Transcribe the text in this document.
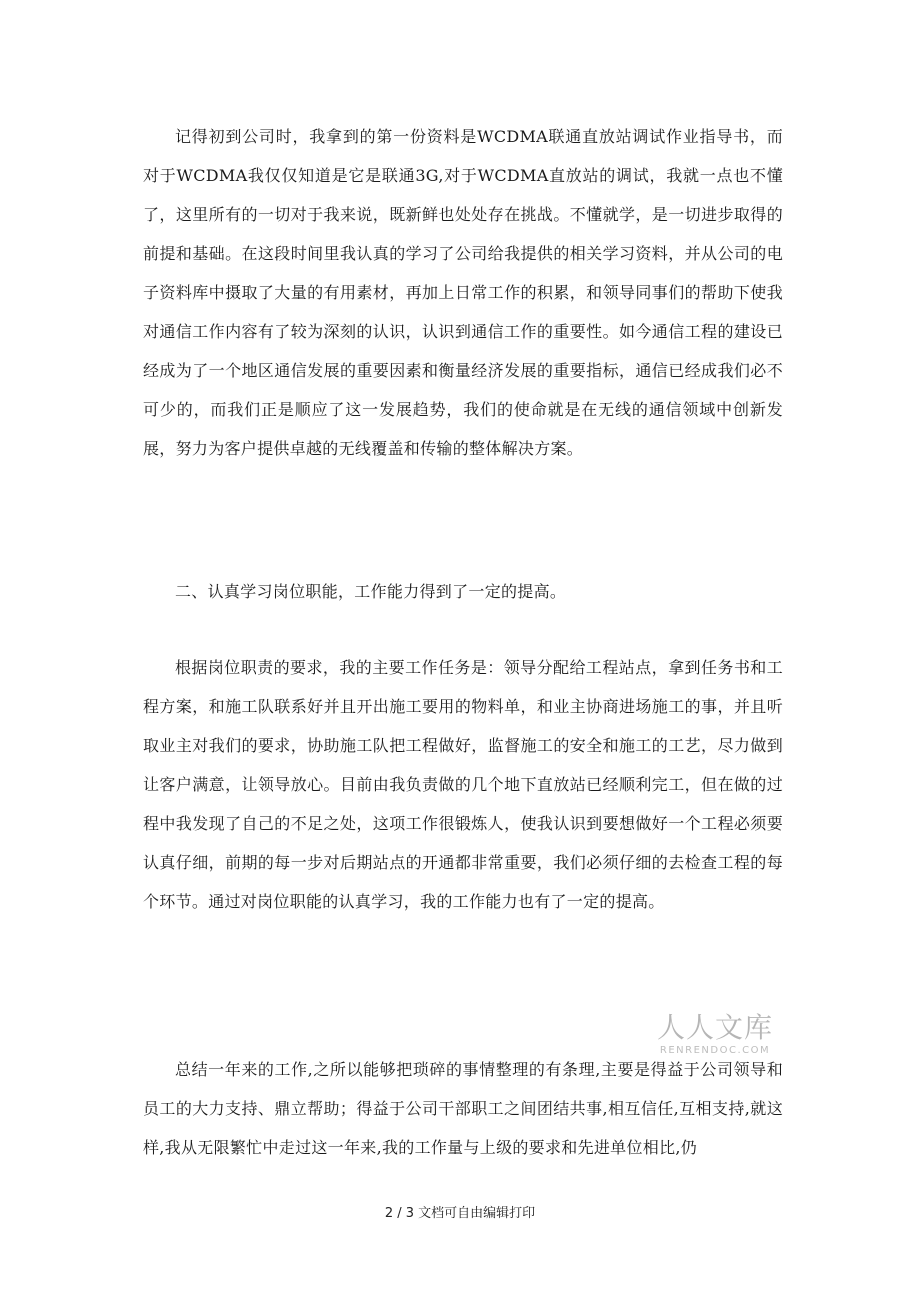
记得初到公司时，我拿到的第一份资料是WCDMA联通直放站调试作业指导书，而对于WCDMA我仅仅知道是它是联通3G,对于WCDMA直放站的调试，我就一点也不懂了，这里所有的一切对于我来说，既新鲜也处处存在挑战。不懂就学，是一切进步取得的前提和基础。在这段时间里我认真的学习了公司给我提供的相关学习资料，并从公司的电子资料库中摄取了大量的有用素材，再加上日常工作的积累，和领导同事们的帮助下使我对通信工作内容有了较为深刻的认识，认识到通信工作的重要性。如今通信工程的建设已经成为了一个地区通信发展的重要因素和衡量经济发展的重要指标，通信已经成我们必不可少的，而我们正是顺应了这一发展趋势，我们的使命就是在无线的通信领域中创新发展，努力为客户提供卓越的无线覆盖和传输的整体解决方案。

二、认真学习岗位职能，工作能力得到了一定的提高。

根据岗位职责的要求，我的主要工作任务是：领导分配给工程站点，拿到任务书和工程方案，和施工队联系好并且开出施工要用的物料单，和业主协商进场施工的事，并且听取业主对我们的要求，协助施工队把工程做好，监督施工的安全和施工的工艺，尽力做到让客户满意，让领导放心。目前由我负责做的几个地下直放站已经顺利完工，但在做的过程中我发现了自己的不足之处，这项工作很锻炼人，使我认识到要想做好一个工程必须要认真仔细，前期的每一步对后期站点的开通都非常重要，我们必须仔细的去检查工程的每个环节。通过对岗位职能的认真学习，我的工作能力也有了一定的提高。

总结一年来的工作,之所以能够把琐碎的事情整理的有条理,主要是得益于公司领导和员工的大力支持、鼎立帮助；得益于公司干部职工之间团结共事,相互信任,互相支持,就这样,我从无限繁忙中走过这一年来,我的工作量与上级的要求和先进单位相比,仍

人人文库
RENRENDOC.COM
2 / 3 文档可自由编辑打印
